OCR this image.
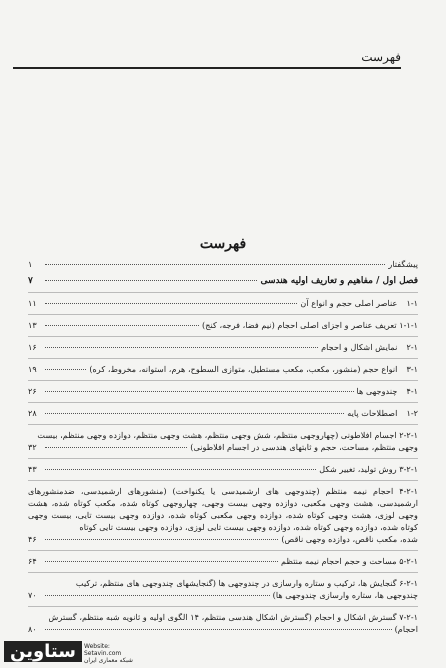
فهرست
فهرست
پیشگفتار
۱
فصل اول / مفاهیم و تعاریف اولیه هندسی
۷
۱-۱ عناصر اصلی حجم و انواع آن
۱۱
۱-۱-۱ تعریف عناصر و اجزای اصلی احجام (نیم فضا، فرجه، کنج)
۱۳
۲-۱ نمایش اشکال و احجام
۱۶
۳-۱ انواع حجم (منشور، مکعب، مکعب مستطیل، متوازی السطوح، هرم، استوانه، مخروط، کره)
۱۹
۴-۱ چندوجهی ها
۲۶
۱-۲ اصطلاحات پایه
۲۸
۲-۲-۱ اجسام افلاطونی (چهاروجهی منتظم، شش وجهی منتظم، هشت وجهی منتظم، دوازده وجهی منتظم، بیست
وجهی منتظم، مساحت، حجم و ثابتهای هندسی در اجسام افلاطونی)
۳۲
۳-۲-۱ روش تولید، تغییر شکل
۴۳
۴-۲-۱ احجام نیمه منتظم (چندوجهی های ارشمیدسی یا یکنواخت) (منشورهای ارشمیدسی، ضدمنشورهای ارشمیدسی، هشت وجهی مکعبی، دوازده وجهی بیست وجهی، چهاروجهی کوتاه شده، مکعب کوتاه شده، هشت وجهی لوزی، هشت وجهی کوتاه شده، دوازده وجهی مکعبی کوتاه شده، دوازده وجهی بیست تایی، بیست وجهی کوتاه شده، دوازده وجهی کوتاه شده، دوازده وجهی بیست تایی لوزی، دوازده وجهی بیست تایی کوتاه
شده، مکعب ناقص، دوازده وجهی ناقص)
۴۶
۵-۲-۱ مساحت و حجم احجام نیمه منتظم
۶۴
۶-۲-۱ گنجایش ها، ترکیب و ستاره وارسازی در چندوجهی ها (گنجایشهای چندوجهی های منتظم، ترکیب
چندوجهی ها، ستاره وارسازی چندوجهی ها)
۷۰
۷-۲-۱ گسترش اشکال و احجام (گسترش اشکال هندسی منتظم، ۱۴ الگوی اولیه و ثانویه شبه منتظم، گسترش
احجام)
۸۰
ستاوین	Website:
Setavin.com
شبکه معماری ایران
